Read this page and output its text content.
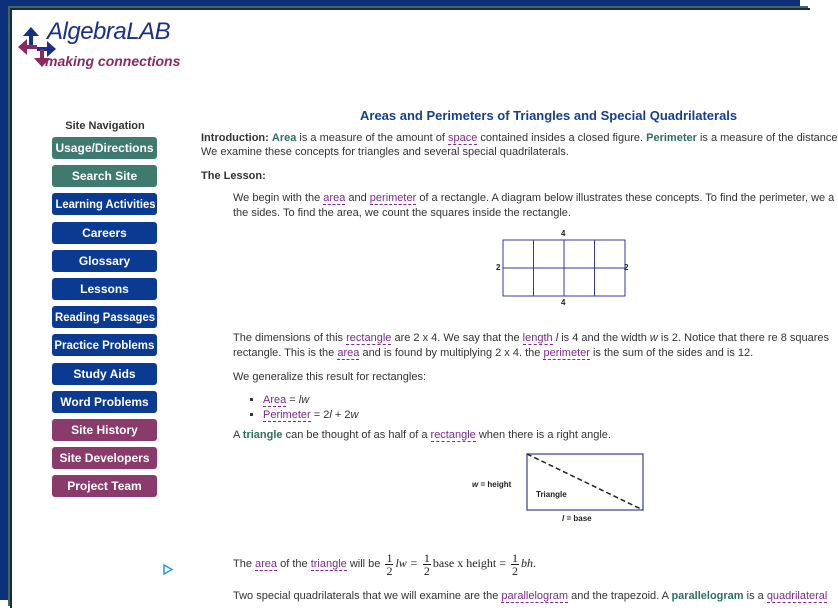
AlgebraLAB
making connections
Site Navigation
Usage/Directions
Search Site
Learning Activities
Careers
Glossary
Lessons
Reading Passages
Practice Problems
Study Aids
Word Problems
Site History
Site Developers
Project Team
Areas and Perimeters of Triangles and Special Quadrilaterals
Introduction: Area is a measure of the amount of space contained insides a closed figure. Perimeter is a measure of the distance
We examine these concepts for triangles and several special quadrilaterals.
The Lesson:
We begin with the area and perimeter of a rectangle. A diagram below illustrates these concepts. To find the perimeter, we a
the sides. To find the area, we count the squares inside the rectangle.
4
4
2	2
The dimensions of this rectangle are 2 x 4. We say that the length l is 4 and the width w is 2. Notice that there re 8 squares
rectangle. This is the area and is found by multiplying 2 x 4. the perimeter is the sum of the sides and is 12.
We generalize this result for rectangles:
▪ Area = lw
▪ Perimeter = 2l + 2w
A triangle can be thought of as half of a rectangle when there is a right angle.
w = height
Triangle
l = base
The area of the triangle will be $\frac{1}{2}$ lw = $\frac{1}{2}$ base x height = $\frac{1}{2}$ bh.
Two special quadrilaterals that we will examine are the parallelogram and the trapezoid. A parallelogram is a quadrilateral
